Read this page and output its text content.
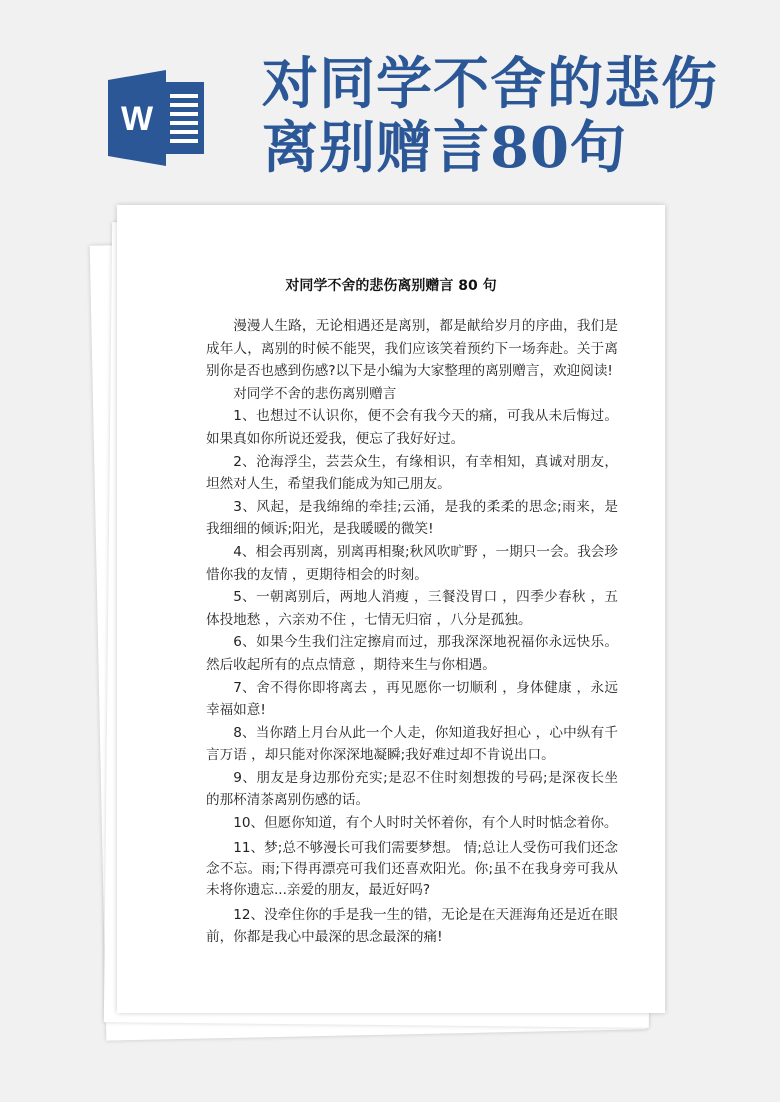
W
对同学不舍的悲伤
离别赠言80句
对同学不舍的悲伤离别赠言 80 句

漫漫人生路，无论相遇还是离别，都是献给岁月的序曲，我们是成年人，离别的时候不能哭，我们应该笑着预约下一场奔赴。关于离别你是否也感到伤感?以下是小编为大家整理的离别赠言，欢迎阅读!

对同学不舍的悲伤离别赠言

1、也想过不认识你，便不会有我今天的痛，可我从未后悔过。如果真如你所说还爱我，便忘了我好好过。

2、沧海浮尘，芸芸众生，有缘相识，有幸相知，真诚对朋友，坦然对人生，希望我们能成为知己朋友。

3、风起，是我绵绵的牵挂;云涌，是我的柔柔的思念;雨来，是我细细的倾诉;阳光，是我暖暖的微笑!

4、相会再别离，别离再相聚;秋风吹旷野 ，一期只一会。我会珍惜你我的友情 ，更期待相会的时刻。

5、一朝离别后，两地人消瘦 ，三餐没胃口 ，四季少春秋 ，五体投地愁 ，六亲劝不住 ，七情无归宿 ，八分是孤独。

6、如果今生我们注定擦肩而过，那我深深地祝福你永远快乐。然后收起所有的点点情意 ，期待来生与你相遇。

7、舍不得你即将离去 ，再见愿你一切顺利 ，身体健康 ，永远幸福如意!

8、当你踏上月台从此一个人走，你知道我好担心 ，心中纵有千言万语 ，却只能对你深深地凝瞬;我好难过却不肯说出口。

9、朋友是身边那份充实;是忍不住时刻想拨的号码;是深夜长坐的那杯清茶离别伤感的话。

10、但愿你知道，有个人时时关怀着你，有个人时时惦念着你。

11、梦;总不够漫长可我们需要梦想。 情;总让人受伤可我们还念念不忘。雨;下得再漂亮可我们还喜欢阳光。你;虽不在我身旁可我从未将你遗忘...亲爱的朋友，最近好吗?

12、没牵住你的手是我一生的错，无论是在天涯海角还是近在眼前，你都是我心中最深的思念最深的痛!
